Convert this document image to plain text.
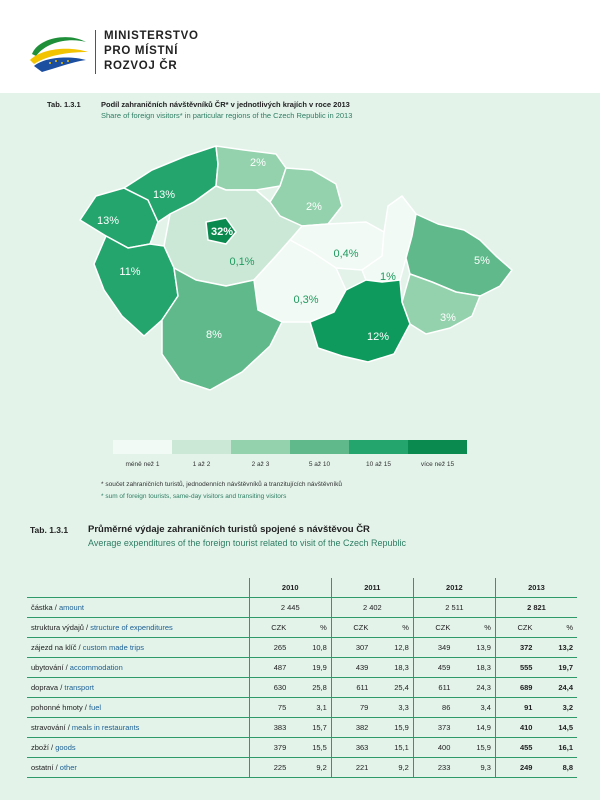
MINISTERSTVO
PRO MÍSTNÍ
ROZVOJ ČR
Tab. 1.3.1	Podíl zahraničních návštěvníků ČR* v jednotlivých krajích v roce 2013
Share of foreign visitors* in particular regions of the Czech Republic in 2013
13%
13%
2%
2%
32%
0,1%
0,4%
11%	1%
5%
0,3%
8%	12%
3%
méně než 1	1 až 2	2 až 3	5 až 10	10 až 15	více než 15
* součet zahraničních turistů, jednodenních návštěvníků a tranzitujících návštěvníků
* sum of foreign tourists, same-day visitors and transiting visitors
Tab. 1.3.1 Průměrné výdaje zahraničních turistů spojené s návštěvou ČR
Average expenditures of the foreign tourist related to visit of the Czech Republic
	2010		2011		2012		2013	
částka / amount	2 445		2 402		2 511		2 821	
struktura výdajů / structure of expenditures	CZK	%	CZK	%	CZK	%	CZK	%
zájezd na klíč / custom made trips	265	10,8	307	12,8	349	13,9	372	13,2
ubytování / accommodation	487	19,9	439	18,3	459	18,3	555	19,7
doprava / transport	630	25,8	611	25,4	611	24,3	689	24,4
pohonné hmoty / fuel	75	3,1	79	3,3	86	3,4	91	3,2
stravování / meals in restaurants	383	15,7	382	15,9	373	14,9	410	14,5
zboží / goods	379	15,5	363	15,1	400	15,9	455	16,1
ostatní / other	225	9,2	221	9,2	233	9,3	249	8,8
